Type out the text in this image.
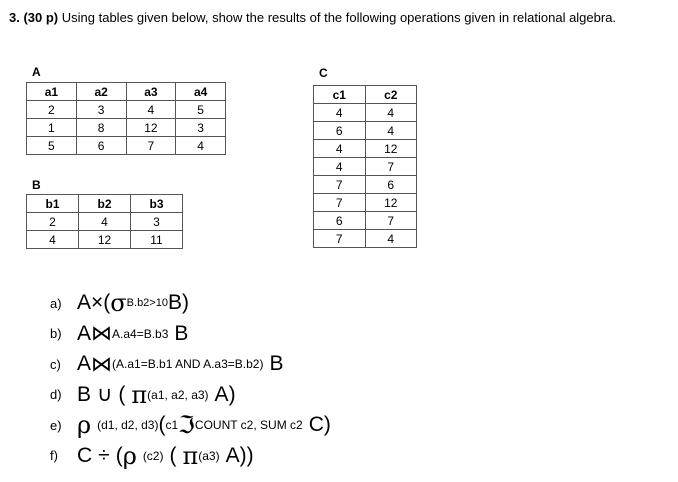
3. (30 p) Using tables given below, show the results of the following operations given in relational algebra.
A
a1	a2	a3	a4
2	3	4	5
1	8	12	3
5	6	7	4
B
b1	b2	b3
2	4	3
4	12	11
C
c1	c2
4	4
6	4
4	12
4	7
7	6
7	12
6	7
7	4
a) A × ( σ B.b2>10 B )
b) A ⋈ A.a4=B.b3 B
c) A ⋈ (A.a1=B.b1 AND A.a3=B.b2) B
d) B ∪ ( π (a1, a2, a3) A )
e) ρ (d1, d2, d3) ( c1 ℑ COUNT c2, SUM c2 C )
f) C ÷ ( ρ (c2) ( π (a3) A ))
